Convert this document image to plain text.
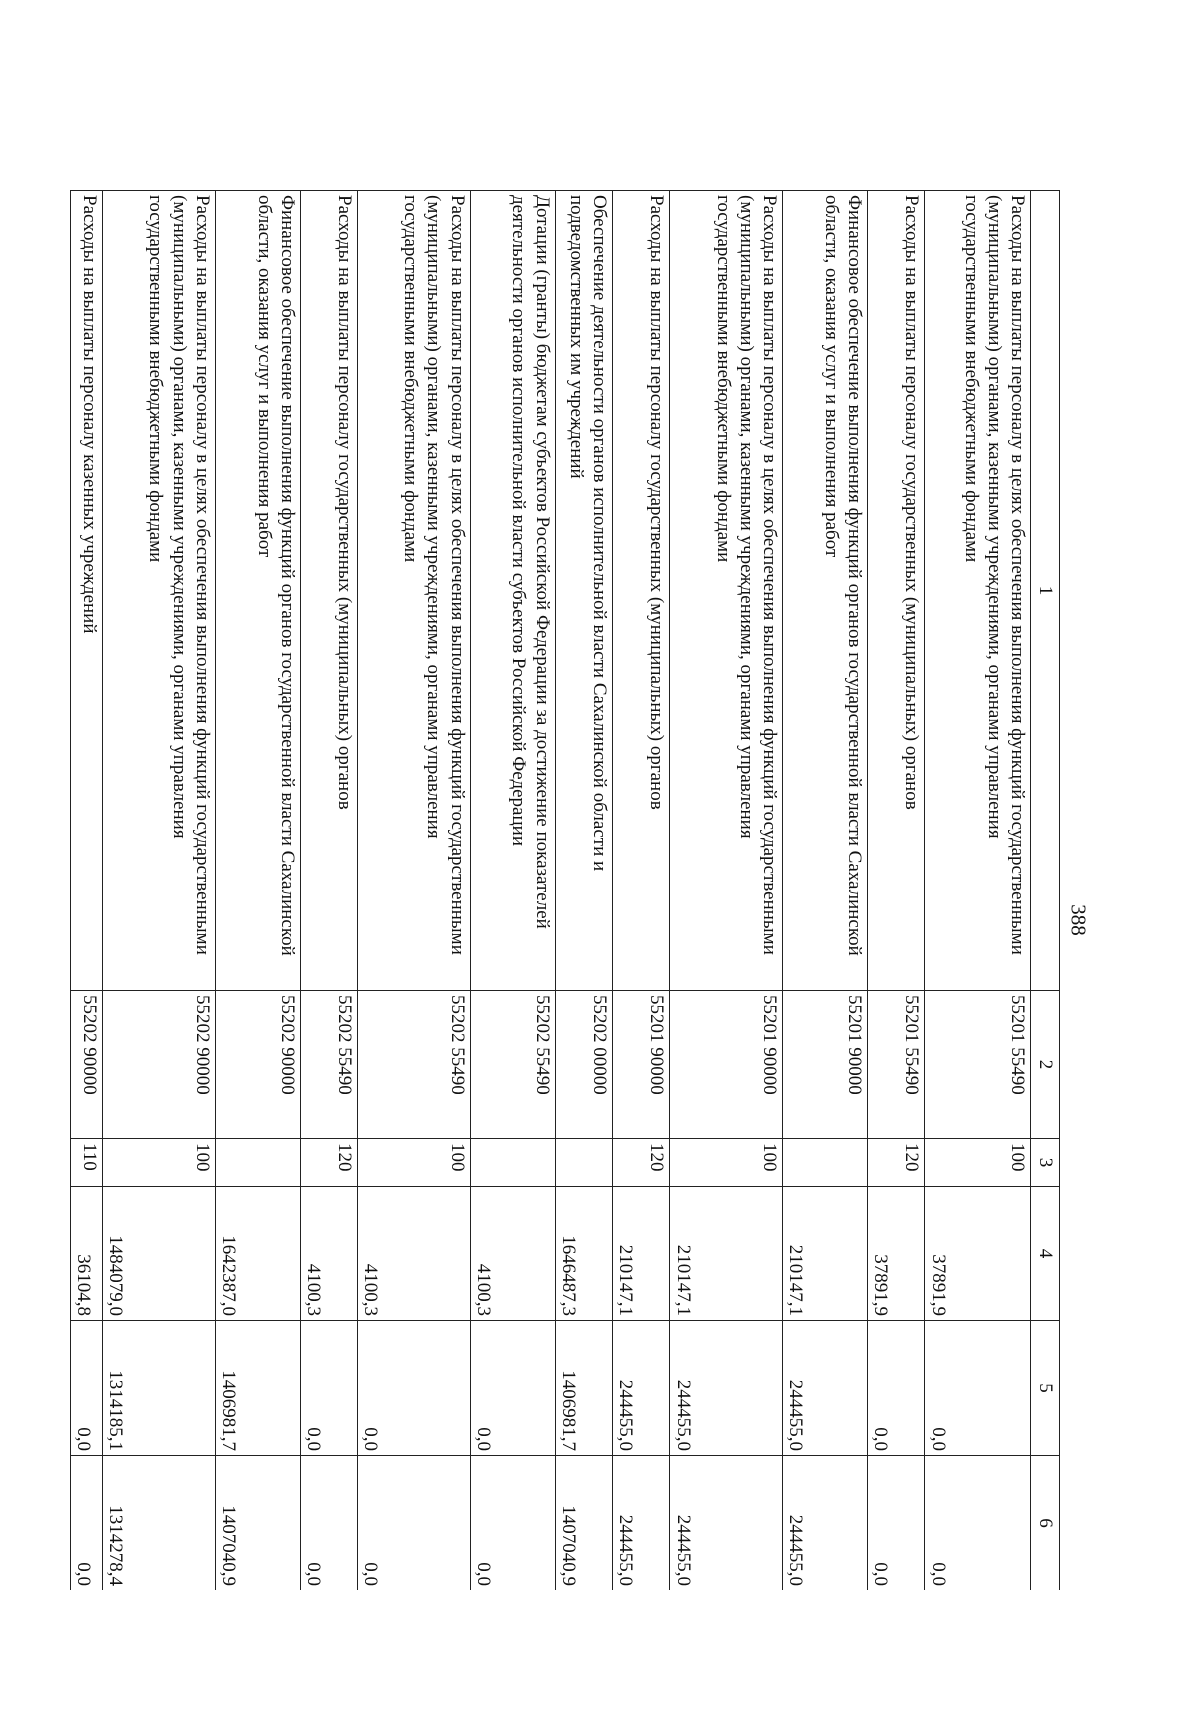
388
1	2	3	4	5	6
Расходы на выплаты персоналу в целях обеспечения выполнения функций государственными (муниципальными) органами, казенными учреждениями, органами управления государственными внебюджетными фондами	55201 55490	100	37891,9	0,0	0,0
Расходы на выплаты персоналу государственных (муниципальных) органов	55201 55490	120	37891,9	0,0	0,0
Финансовое обеспечение выполнения функций органов государственной власти Сахалинской области, оказания услуг и выполнения работ	55201 90000		210147,1	244455,0	244455,0
Расходы на выплаты персоналу в целях обеспечения выполнения функций государственными (муниципальными) органами, казенными учреждениями, органами управления государственными внебюджетными фондами	55201 90000	100	210147,1	244455,0	244455,0
Расходы на выплаты персоналу государственных (муниципальных) органов	55201 90000	120	210147,1	244455,0	244455,0
Обеспечение деятельности органов исполнительной власти Сахалинской области и подведомственных им учреждений	55202 00000		1646487,3	1406981,7	1407040,9
Дотации (гранты) бюджетам субъектов Российской Федерации за достижение показателей деятельности органов исполнительной власти субъектов Российской Федерации	55202 55490		4100,3	0,0	0,0
Расходы на выплаты персоналу в целях обеспечения выполнения функций государственными (муниципальными) органами, казенными учреждениями, органами управления государственными внебюджетными фондами	55202 55490	100	4100,3	0,0	0,0
Расходы на выплаты персоналу государственных (муниципальных) органов	55202 55490	120	4100,3	0,0	0,0
Финансовое обеспечение выполнения функций органов государственной власти Сахалинской области, оказания услуг и выполнения работ	55202 90000		1642387,0	1406981,7	1407040,9
Расходы на выплаты персоналу в целях обеспечения выполнения функций государственными (муниципальными) органами, казенными учреждениями, органами управления государственными внебюджетными фондами	55202 90000	100	1484079,0	1314185,1	1314278,4
Расходы на выплаты персоналу казенных учреждений	55202 90000	110	36104,8	0,0	0,0
